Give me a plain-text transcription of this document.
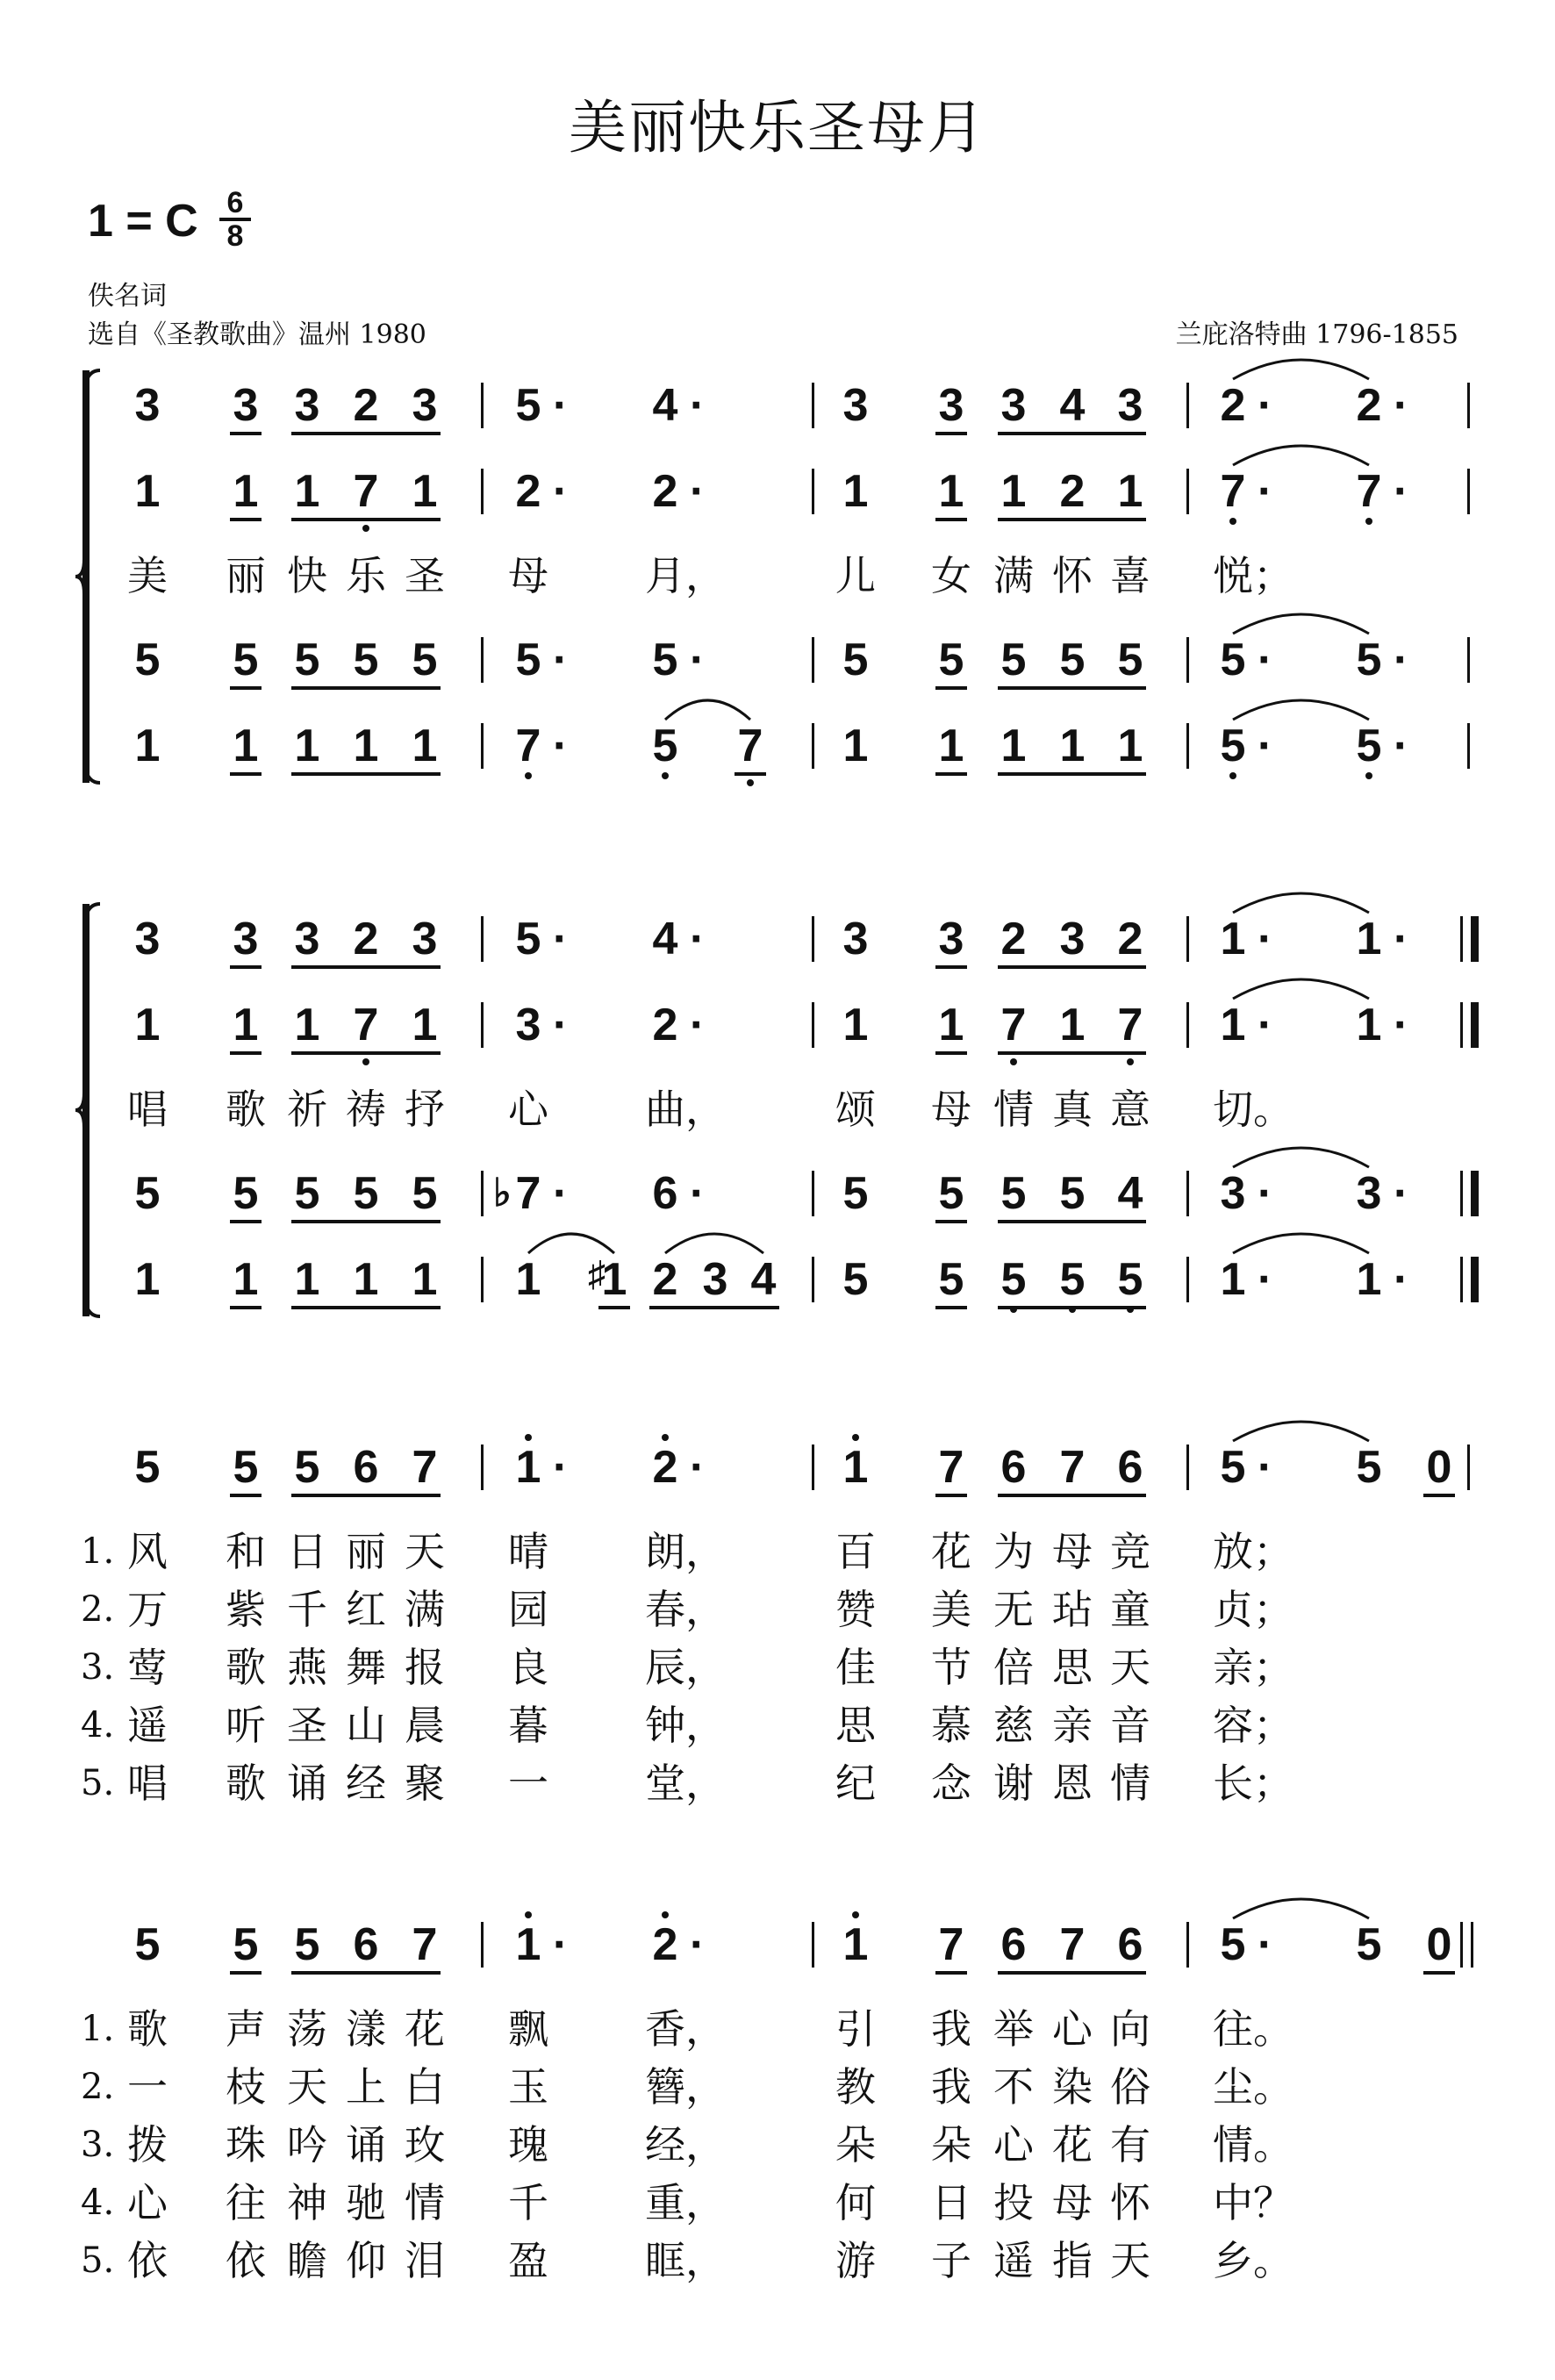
美丽快乐圣母月
1 = C 6
8
佚名词
选自《圣教歌曲》温州 1980	兰庇洛特曲 1796-1855
3 3 3 2 3 5 · 4 ·	3 3 3 4 3 2 · 2 ·
1 1 1 7 1 2 · 2 ·	1 1 1 2 1 7 · 7 ·
5 5 5 5 5 5 · 5 ·	5 5 5 5 5 5 · 5 ·
1 1 1 1 1 7 · 5 7 1 1 1 1 1 5 · 5 ·
美 丽 快 乐 圣 母 月，	儿 女 满 怀 喜 悦；
3 3 3 2 3 5 · 4 ·	3 3 2 3 2 1 · 1 ·
1 1 1 7 1 3 · 2 ·	1 1 7 1 7 1 · 1 ·
5 5 5 5 5 ♭ 7 · 6 ·	5 5 5 5 4 3 · 3 ·
1 1 1 1 1 1 ♯
1 2 3 4 5 5 5 5 5 1 · 1 ·
唱 歌 祈 祷 抒 心 曲，	颂 母 情 真 意 切。
5 5 5 6 7 1 · 2 ·	1 7 6 7 6 5 · 5 0
1. 风 和 日 丽 天 晴 朗，	百 花 为 母 竞 放；
2. 万 紫 千 红 满 园 春，	赞 美 无 玷 童 贞；
3. 莺 歌 燕 舞 报 良 辰，	佳 节 倍 思 天 亲；
4. 遥 听 圣 山 晨 暮 钟，	思 慕 慈 亲 音 容；
5. 唱 歌 诵 经 聚 一 堂，	纪 念 谢 恩 情 长；
5 5 5 6 7 1 · 2 ·	1 7 6 7 6 5 · 5 0
1. 歌 声 荡 漾 花 飘 香，	引 我 举 心 向 往。
2. 一 枝 天 上 白 玉 簪，	教 我 不 染 俗 尘。
3. 拨 珠 吟 诵 玫 瑰 经，	朵 朵 心 花 有 情。
4. 心 往 神 驰 情 千 重，	何 日 投 母 怀 中？
5. 依 依 瞻 仰 泪 盈 眶，	游 子 遥 指 天 乡。
